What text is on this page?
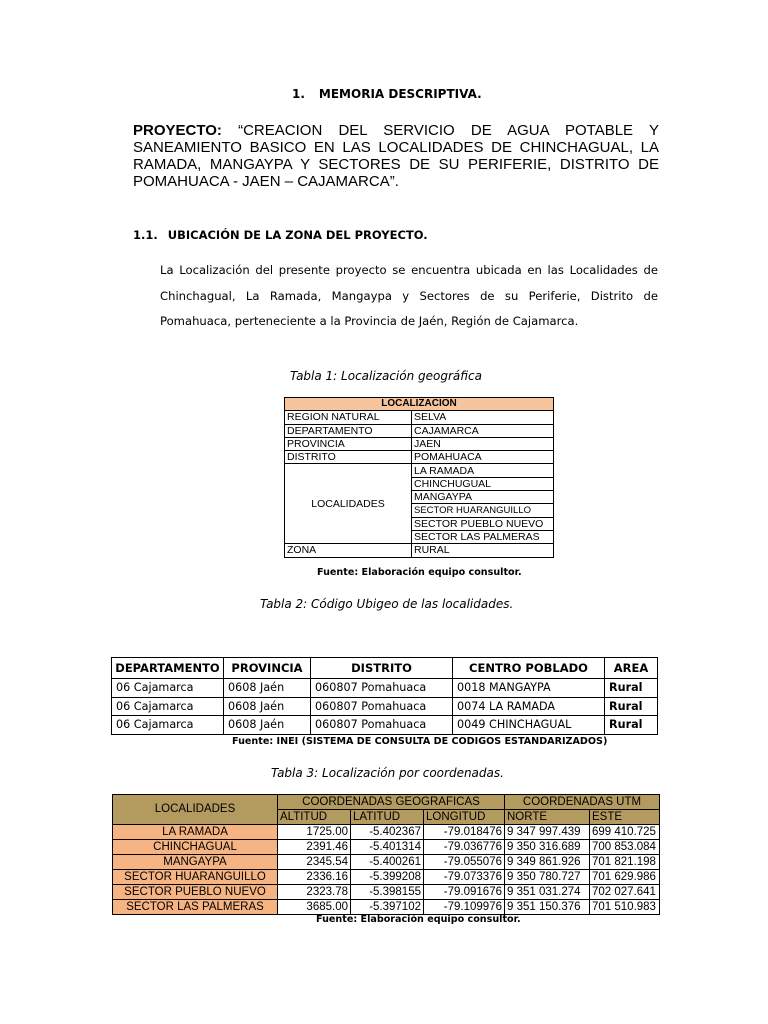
1. MEMORIA DESCRIPTIVA.
PROYECTO: “CREACION DEL SERVICIO DE AGUA POTABLE Y SANEAMIENTO BASICO EN LAS LOCALIDADES DE CHINCHAGUAL, LA RAMADA, MANGAYPA Y SECTORES DE SU PERIFERIE, DISTRITO DE POMAHUACA - JAEN – CAJAMARCA”.
1.1. UBICACIÓN DE LA ZONA DEL PROYECTO.
La Localización del presente proyecto se encuentra ubicada en las Localidades de Chinchagual, La Ramada, Mangaypa y Sectores de su Periferie, Distrito de Pomahuaca, perteneciente a la Provincia de Jaén, Región de Cajamarca.
Tabla 1: Localización geográfica
LOCALIZACION	
REGION NATURAL	SELVA
DEPARTAMENTO	CAJAMARCA
PROVINCIA	JAEN
DISTRITO	POMAHUACA
LOCALIDADES	LA RAMADA
	CHINCHUGUAL
	MANGAYPA
	SECTOR HUARANGUILLO
	SECTOR PUEBLO NUEVO
	SECTOR LAS PALMERAS
ZONA	RURAL
Fuente: Elaboración equipo consultor.
Tabla 2: Código Ubigeo de las localidades.
DEPARTAMENTO	PROVINCIA	DISTRITO	CENTRO POBLADO	AREA
06 Cajamarca	0608 Jaén	060807 Pomahuaca	0018 MANGAYPA	Rural
06 Cajamarca	0608 Jaén	060807 Pomahuaca	0074 LA RAMADA	Rural
06 Cajamarca	0608 Jaén	060807 Pomahuaca	0049 CHINCHAGUAL	Rural
Fuente: INEI (SISTEMA DE CONSULTA DE CODIGOS ESTANDARIZADOS)
Tabla 3: Localización por coordenadas.
LOCALIDADES	COORDENADAS GEOGRAFICAS			COORDENADAS UTM	
	ALTITUD	LATITUD	LONGITUD	NORTE	ESTE
LA RAMADA	1725.00	-5.402367	-79.018476	9 347 997.439	699 410.725
CHINCHAGUAL	2391.46	-5.401314	-79.036776	9 350 316.689	700 853.084
MANGAYPA	2345.54	-5.400261	-79.055076	9 349 861.926	701 821.198
SECTOR HUARANGUILLO	2336.16	-5.399208	-79.073376	9 350 780.727	701 629.986
SECTOR PUEBLO NUEVO	2323.78	-5.398155	-79.091676	9 351 031.274	702 027.641
SECTOR LAS PALMERAS	3685.00	-5.397102	-79.109976	9 351 150.376	701 510.983
Fuente: Elaboración equipo consultor.
